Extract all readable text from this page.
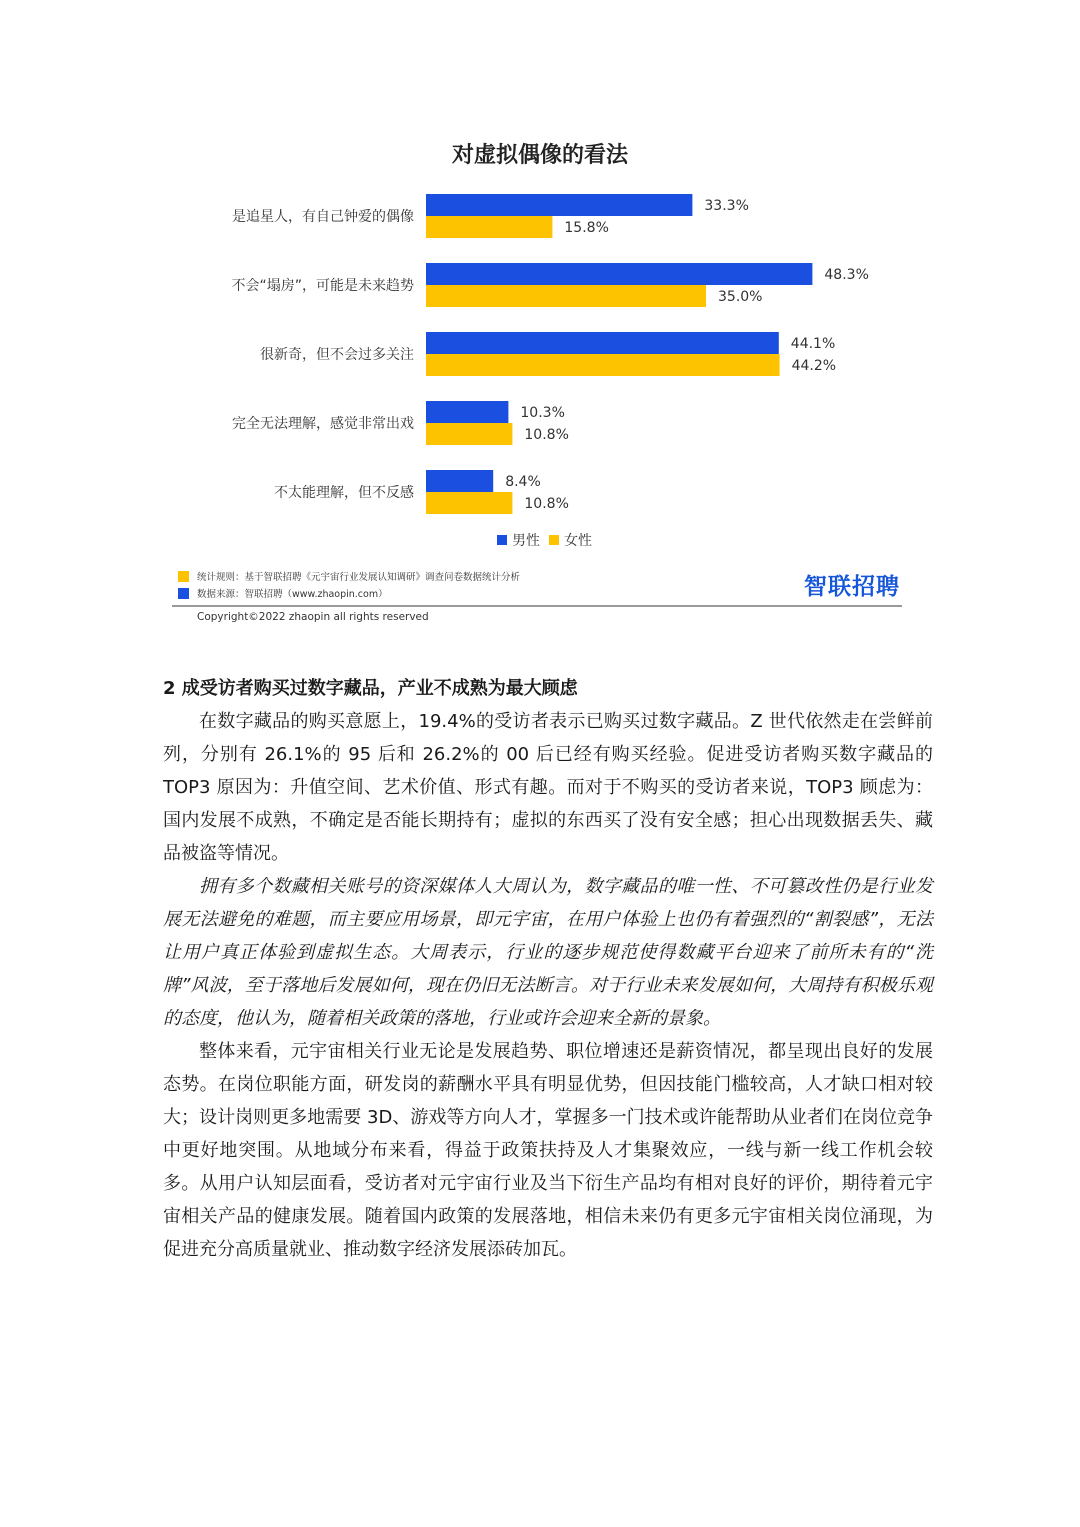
对虚拟偶像的看法
是追星人，有自己钟爱的偶像
33.3%
15.8%
不会“塌房”，可能是未来趋势
48.3%
35.0%
很新奇，但不会过多关注
44.1%
44.2%
完全无法理解，感觉非常出戏
10.3%
10.8%
不太能理解，但不反感
8.4%
10.8%
男性 女性
统计规则：基于智联招聘《元宇宙行业发展认知调研》调查问卷数据统计分析
数据来源：智联招聘（www.zhaopin.com）	智联招聘
Copyright©2022 zhaopin all rights reserved

2 成受访者购买过数字藏品，产业不成熟为最大顾虑

在数字藏品的购买意愿上，19.4%的受访者表示已购买过数字藏品。Z 世代依然走在尝鲜前列，分别有 26.1%的 95 后和 26.2%的 00 后已经有购买经验。促进受访者购买数字藏品的 TOP3 原因为：升值空间、艺术价值、形式有趣。而对于不购买的受访者来说，TOP3 顾虑为：国内发展不成熟，不确定是否能长期持有；虚拟的东西买了没有安全感；担心出现数据丢失、藏品被盗等情况。

拥有多个数藏相关账号的资深媒体人大周认为，数字藏品的唯一性、不可篡改性仍是行业发展无法避免的难题，而主要应用场景，即元宇宙，在用户体验上也仍有着强烈的“割裂感”，无法让用户真正体验到虚拟生态。大周表示，行业的逐步规范使得数藏平台迎来了前所未有的“洗牌”风波，至于落地后发展如何，现在仍旧无法断言。对于行业未来发展如何，大周持有积极乐观的态度，他认为，随着相关政策的落地，行业或许会迎来全新的景象。

整体来看，元宇宙相关行业无论是发展趋势、职位增速还是薪资情况，都呈现出良好的发展态势。在岗位职能方面，研发岗的薪酬水平具有明显优势，但因技能门槛较高，人才缺口相对较大；设计岗则更多地需要 3D、游戏等方向人才，掌握多一门技术或许能帮助从业者们在岗位竞争中更好地突围。从地域分布来看，得益于政策扶持及人才集聚效应，一线与新一线工作机会较多。从用户认知层面看，受访者对元宇宙行业及当下衍生产品均有相对良好的评价，期待着元宇宙相关产品的健康发展。随着国内政策的发展落地，相信未来仍有更多元宇宙相关岗位涌现，为促进充分高质量就业、推动数字经济发展添砖加瓦。
